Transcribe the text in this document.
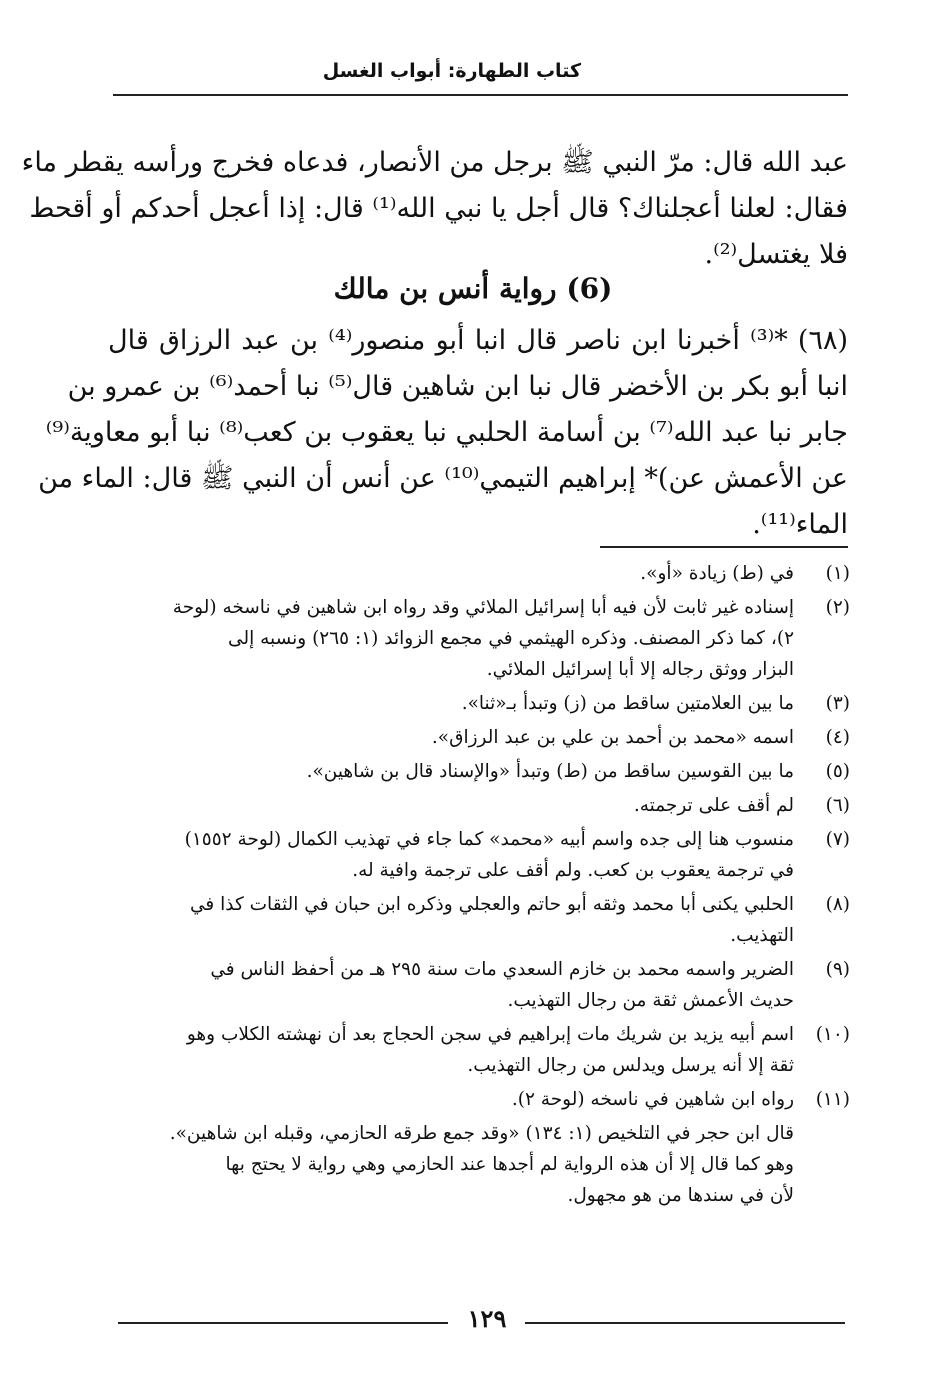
كتاب الطهارة: أبواب الغسل
عبد الله قال: مرّ النبي ﷺ برجل من الأنصار، فدعاه فخرج ورأسه يقطر ماء
فقال: لعلنا أعجلناك؟ قال أجل يا نبي الله⁽¹⁾ قال: إذا أعجل أحدكم أو أقحط
فلا يغتسل⁽²⁾.
(6) رواية أنس بن مالك
(٦٨) *⁽³⁾ أخبرنا ابن ناصر قال انبا أبو منصور⁽⁴⁾ بن عبد الرزاق قال
انبا أبو بكر بن الأخضر قال نبا ابن شاهين قال⁽⁵⁾ نبا أحمد⁽⁶⁾ بن عمرو بن
جابر نبا عبد الله⁽⁷⁾ بن أسامة الحلبي نبا يعقوب بن كعب⁽⁸⁾ نبا أبو معاوية⁽⁹⁾
عن الأعمش عن)* إبراهيم التيمي⁽¹⁰⁾ عن أنس أن النبي ﷺ قال: الماء من
الماء⁽¹¹⁾.
(١)
في (ط) زيادة «أو».
(٢)
إسناده غير ثابت لأن فيه أبا إسرائيل الملائي وقد رواه ابن شاهين في ناسخه (لوحة
٢)، كما ذكر المصنف. وذكره الهيثمي في مجمع الزوائد (١: ٢٦٥) ونسبه إلى
البزار ووثق رجاله إلا أبا إسرائيل الملائي.
(٣)
ما بين العلامتين ساقط من (ز) وتبدأ بـ«ثنا».
(٤)
اسمه «محمد بن أحمد بن علي بن عبد الرزاق».
(٥)
ما بين القوسين ساقط من (ط) وتبدأ «والإسناد قال بن شاهين».
(٦)
لم أقف على ترجمته.
(٧)
منسوب هنا إلى جده واسم أبيه «محمد» كما جاء في تهذيب الكمال (لوحة ١٥٥٢)
في ترجمة يعقوب بن كعب. ولم أقف على ترجمة وافية له.
(٨)
الحلبي يكنى أبا محمد وثقه أبو حاتم والعجلي وذكره ابن حبان في الثقات كذا في
التهذيب.
(٩)
الضرير واسمه محمد بن خازم السعدي مات سنة ٢٩٥ هـ من أحفظ الناس في
حديث الأعمش ثقة من رجال التهذيب.
(١٠)
اسم أبيه يزيد بن شريك مات إبراهيم في سجن الحجاج بعد أن نهشته الكلاب وهو
ثقة إلا أنه يرسل ويدلس من رجال التهذيب.
(١١)
رواه ابن شاهين في ناسخه (لوحة ٢).
قال ابن حجر في التلخيص (١: ١٣٤) «وقد جمع طرقه الحازمي، وقبله ابن شاهين».
وهو كما قال إلا أن هذه الرواية لم أجدها عند الحازمي وهي رواية لا يحتج بها
لأن في سندها من هو مجهول.
١٢٩
